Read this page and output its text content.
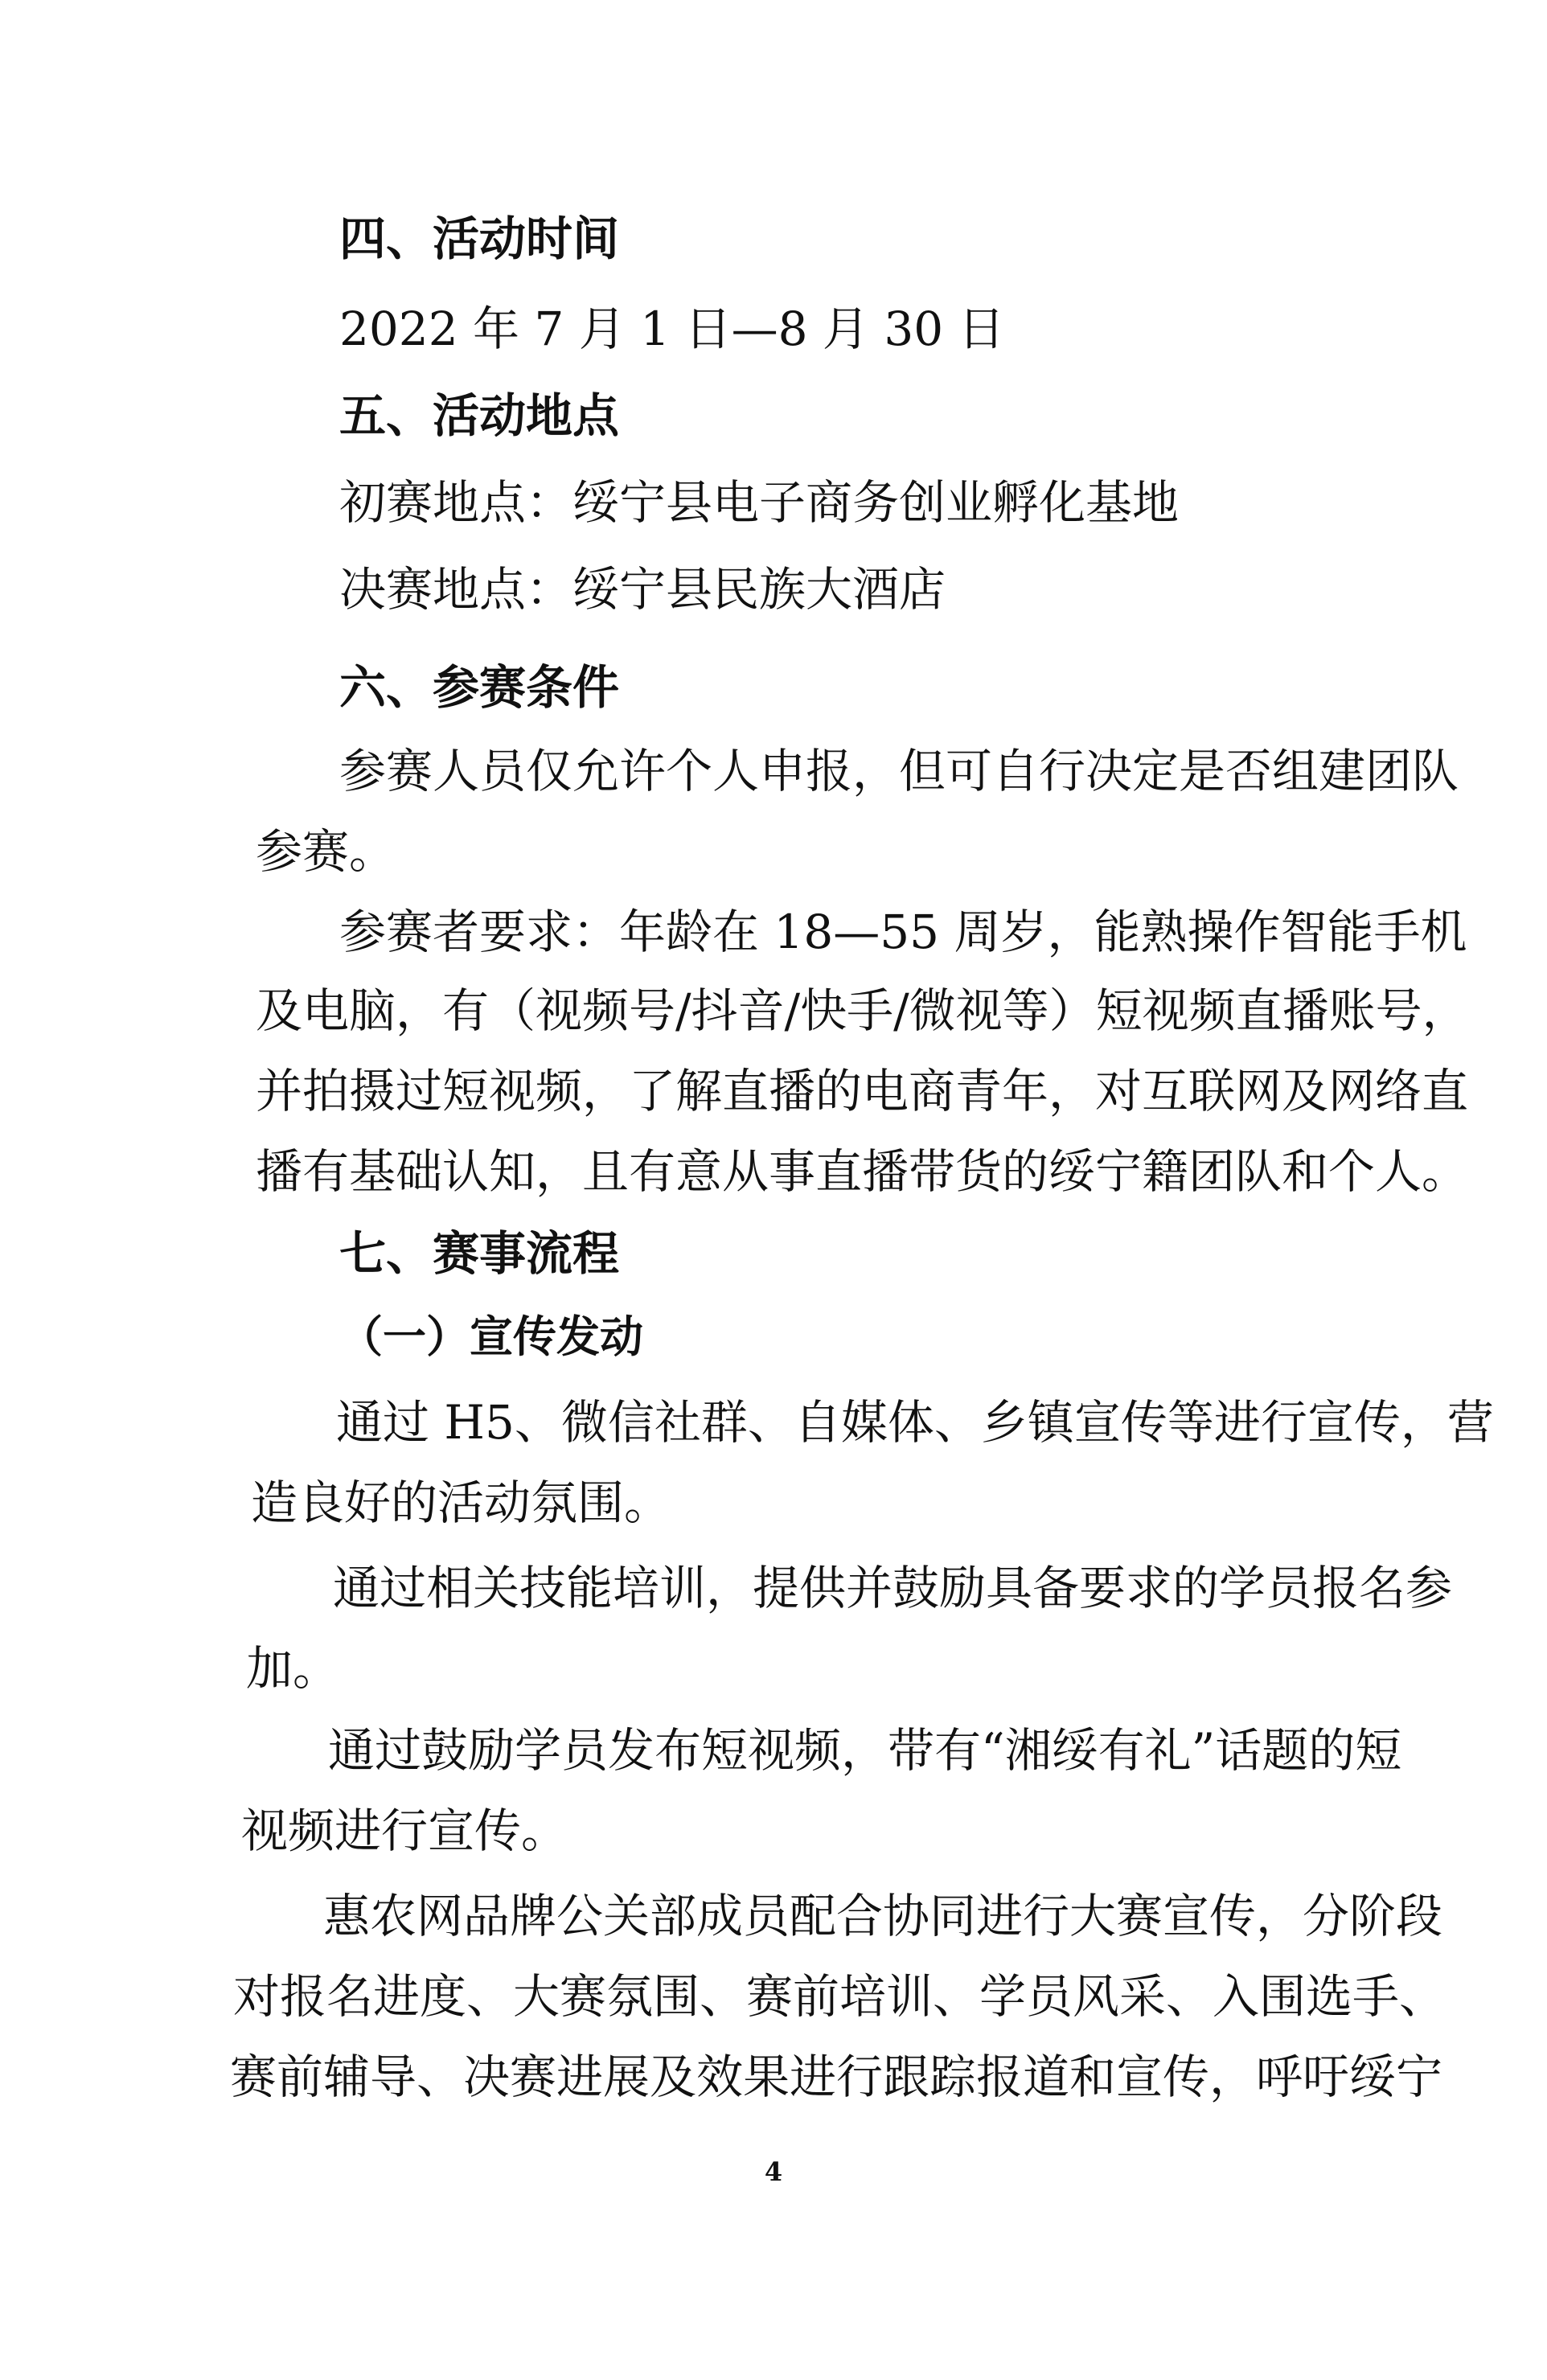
四、活动时间
2022 年 7 月 1 日—8 月 30 日
五、活动地点
初赛地点：绥宁县电子商务创业孵化基地
决赛地点：绥宁县民族大酒店
六、参赛条件
参赛人员仅允许个人申报，但可自行决定是否组建团队
参赛。
参赛者要求：年龄在 18—55 周岁，能熟操作智能手机
及电脑，有（视频号/抖音/快手/微视等）短视频直播账号，
并拍摄过短视频，了解直播的电商青年，对互联网及网络直
播有基础认知，且有意从事直播带货的绥宁籍团队和个人。
七、赛事流程
（一）宣传发动
通过 H5、微信社群、自媒体、乡镇宣传等进行宣传，营
造良好的活动氛围。
通过相关技能培训，提供并鼓励具备要求的学员报名参
加。
通过鼓励学员发布短视频，带有“湘绥有礼”话题的短
视频进行宣传。
惠农网品牌公关部成员配合协同进行大赛宣传，分阶段
对报名进度、大赛氛围、赛前培训、学员风采、入围选手、
赛前辅导、决赛进展及效果进行跟踪报道和宣传，呼吁绥宁
4
